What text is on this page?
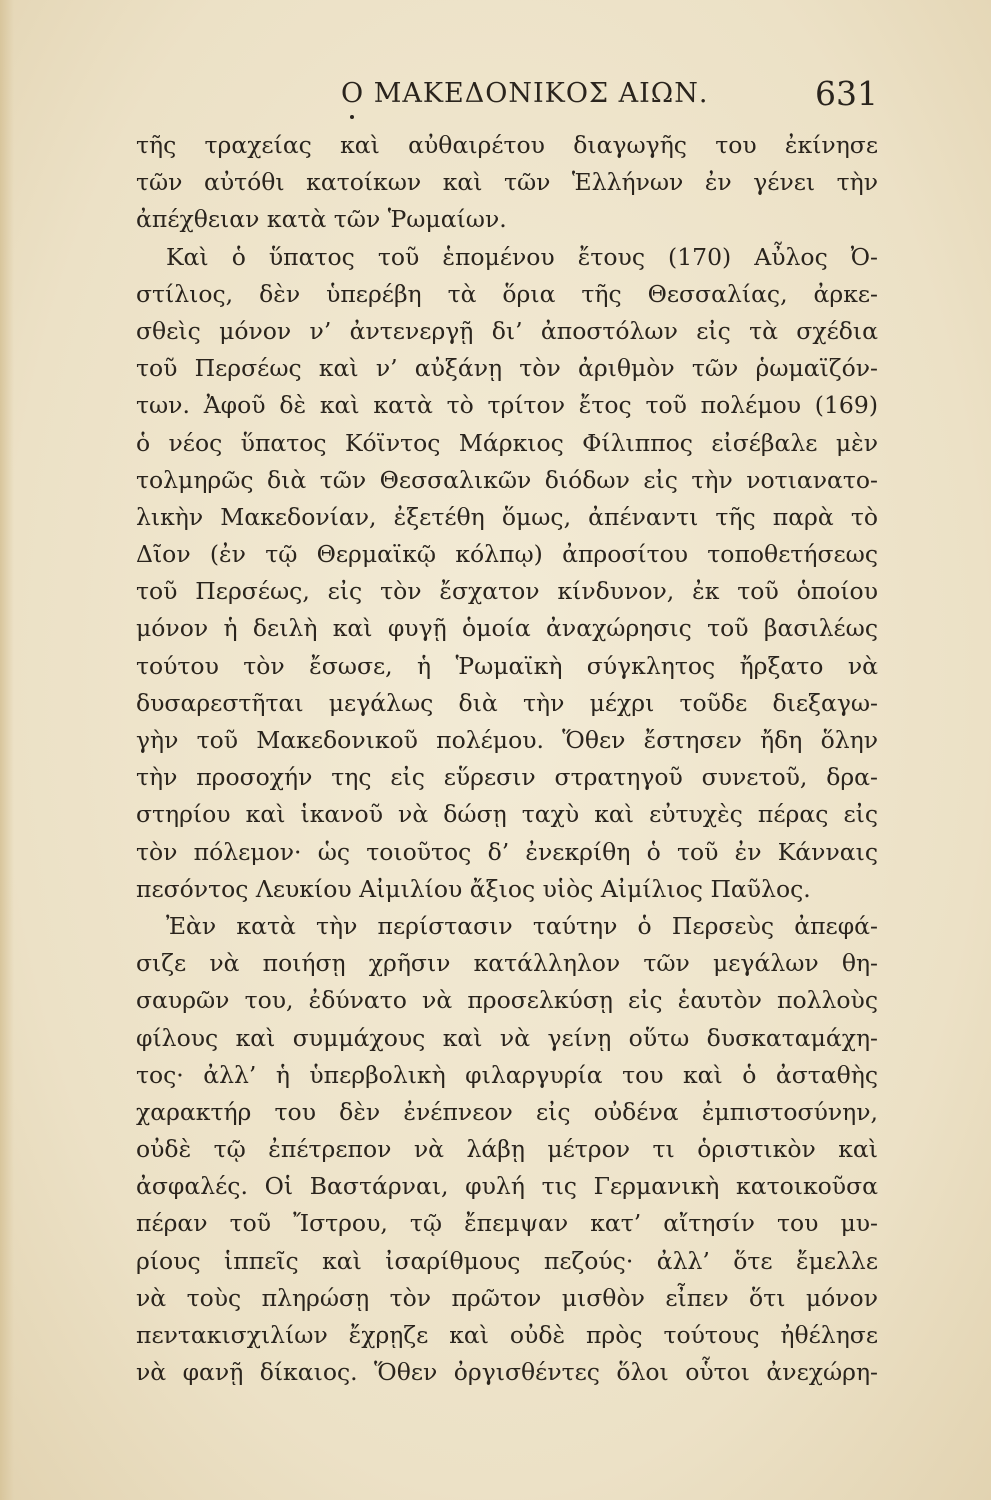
Ο ΜΑΚΕΔΟΝΙΚΟΣ ΑΙΩΝ.	631
τῆς τραχείας καὶ αὐθαιρέτου διαγωγῆς του ἐκίνησε
τῶν αὐτόθι κατοίκων καὶ τῶν Ἑλλήνων ἐν γένει τὴν
ἀπέχθειαν κατὰ τῶν Ῥωμαίων.
Καὶ ὁ ὕπατος τοῦ ἑπομένου ἔτους (170) Αὖλος Ὀ-
στίλιος, δὲν ὑπερέβη τὰ ὅρια τῆς Θεσσαλίας, ἀρκε-
σθεὶς μόνον ν’ ἀντενεργῇ δι’ ἀποστόλων εἰς τὰ σχέδια
τοῦ Περσέως καὶ ν’ αὐξάνῃ τὸν ἀριθμὸν τῶν ῥωμαϊζόν-
των. Ἀφοῦ δὲ καὶ κατὰ τὸ τρίτον ἔτος τοῦ πολέμου (169)
ὁ νέος ὕπατος Κόϊντος Μάρκιος Φίλιππος εἰσέβαλε μὲν
τολμηρῶς διὰ τῶν Θεσσαλικῶν διόδων εἰς τὴν νοτιανατο-
λικὴν Μακεδονίαν, ἐξετέθη ὅμως, ἀπέναντι τῆς παρὰ τὸ
Δῖον (ἐν τῷ Θερμαϊκῷ κόλπῳ) ἀπροσίτου τοποθετήσεως
τοῦ Περσέως, εἰς τὸν ἔσχατον κίνδυνον, ἐκ τοῦ ὁποίου
μόνον ἡ δειλὴ καὶ φυγῇ ὁμοία ἀναχώρησις τοῦ βασιλέως
τούτου τὸν ἔσωσε, ἡ Ῥωμαϊκὴ σύγκλητος ἤρξατο νὰ
δυσαρεστῆται μεγάλως διὰ τὴν μέχρι τοῦδε διεξαγω-
γὴν τοῦ Μακεδονικοῦ πολέμου. Ὅθεν ἔστησεν ἤδη ὅλην
τὴν προσοχήν της εἰς εὕρεσιν στρατηγοῦ συνετοῦ, δρα-
στηρίου καὶ ἱκανοῦ νὰ δώσῃ ταχὺ καὶ εὐτυχὲς πέρας εἰς
τὸν πόλεμον· ὡς τοιοῦτος δ’ ἐνεκρίθη ὁ τοῦ ἐν Κάνναις
πεσόντος Λευκίου Αἰμιλίου ἄξιος υἱὸς Αἰμίλιος Παῦλος.
Ἐὰν κατὰ τὴν περίστασιν ταύτην ὁ Περσεὺς ἀπεφά-
σιζε νὰ ποιήσῃ χρῆσιν κατάλληλον τῶν μεγάλων θη-
σαυρῶν του, ἐδύνατο νὰ προσελκύσῃ εἰς ἑαυτὸν πολλοὺς
φίλους καὶ συμμάχους καὶ νὰ γείνῃ οὕτω δυσκαταμάχη-
τος· ἀλλ’ ἡ ὑπερβολικὴ φιλαργυρία του καὶ ὁ ἀσταθὴς
χαρακτήρ του δὲν ἐνέπνεον εἰς οὐδένα ἐμπιστοσύνην,
οὐδὲ τῷ ἐπέτρεπον νὰ λάβῃ μέτρον τι ὁριστικὸν καὶ
ἀσφαλές. Οἱ Βαστάρναι, φυλή τις Γερμανικὴ κατοικοῦσα
πέραν τοῦ Ἴστρου, τῷ ἔπεμψαν κατ’ αἴτησίν του μυ-
ρίους ἱππεῖς καὶ ἰσαρίθμους πεζούς· ἀλλ’ ὅτε ἔμελλε
νὰ τοὺς πληρώσῃ τὸν πρῶτον μισθὸν εἶπεν ὅτι μόνον
πεντακισχιλίων ἔχρῃζε καὶ οὐδὲ πρὸς τούτους ἠθέλησε
νὰ φανῇ δίκαιος. Ὅθεν ὀργισθέντες ὅλοι οὗτοι ἀνεχώρη-
